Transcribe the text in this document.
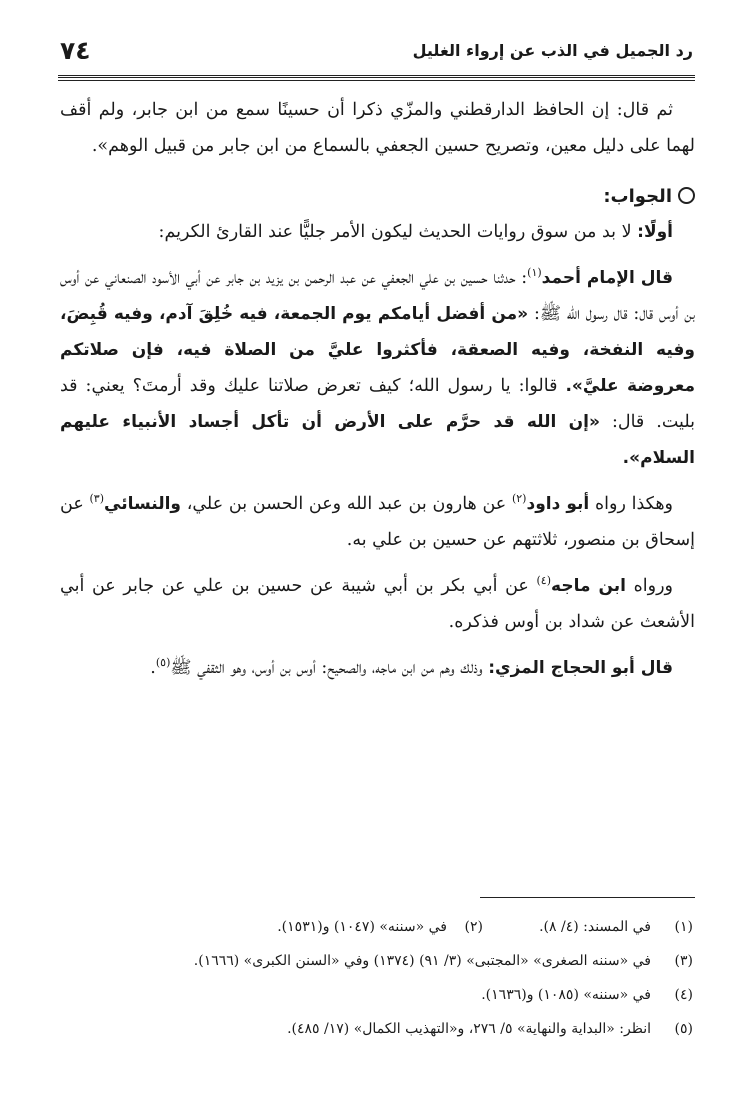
رد الجميل في الذب عن إرواء الغليل
٧٤

ثم قال: إن الحافظ الدارقطني والمزّي ذكرا أن حسينًا سمع من ابن جابر، ولم أقف لهما على دليل معين، وتصريح حسين الجعفي بالسماع من ابن جابر من قبيل الوهم».

الجواب:

أولًا: لا بد من سوق روايات الحديث ليكون الأمر جليًّا عند القارئ الكريم:

قال الإمام أحمد$^{(١)}$: حدثنا حسين بن علي الجعفي عن عبد الرحمن بن يزيد بن جابر عن أبي الأسود الصنعاني عن أوس بن أوس قال: قال رسول الله ﷺ: «من أفضل أيامكم يوم الجمعة، فيه خُلِقَ آدم، وفيه قُبِضَ، وفيه النفخة، وفيه الصعقة، فأكثروا عليَّ من الصلاة فيه، فإن صلاتكم معروضة عليَّ». قالوا: يا رسول الله؛ كيف تعرض صلاتنا عليك وقد أرمتَ؟ يعني: قد بليت. قال: «إن الله قد حرَّم على الأرض أن تأكل أجساد الأنبياء عليهم السلام».

وهكذا رواه أبو داود$^{(٢)}$ عن هارون بن عبد الله وعن الحسن بن علي، والنسائي$^{(٣)}$ عن إسحاق بن منصور، ثلاثتهم عن حسين بن علي به.

ورواه ابن ماجه$^{(٤)}$ عن أبي بكر بن أبي شيبة عن حسين بن علي عن جابر عن أبي الأشعث عن شداد بن أوس فذكره.

قال أبو الحجاج المزي: وذلك وهم من ابن ماجه، والصحيح: أوس بن أوس، وهو الثقفي ﷺ$^{(٥)}$.

(١)
في المسند: (٤/ ٨).
(٢)
في «سننه» (١٠٤٧) و(١٥٣١).
(٣)
في «سننه الصغرى» «المجتبى» (٣/ ٩١) (١٣٧٤) وفي «السنن الكبرى» (١٦٦٦).
(٤)
في «سننه» (١٠٨٥) و(١٦٣٦).
(٥)
انظر: «البداية والنهاية» ٥/ ٢٧٦، و«التهذيب الكمال» (١٧/ ٤٨٥).
